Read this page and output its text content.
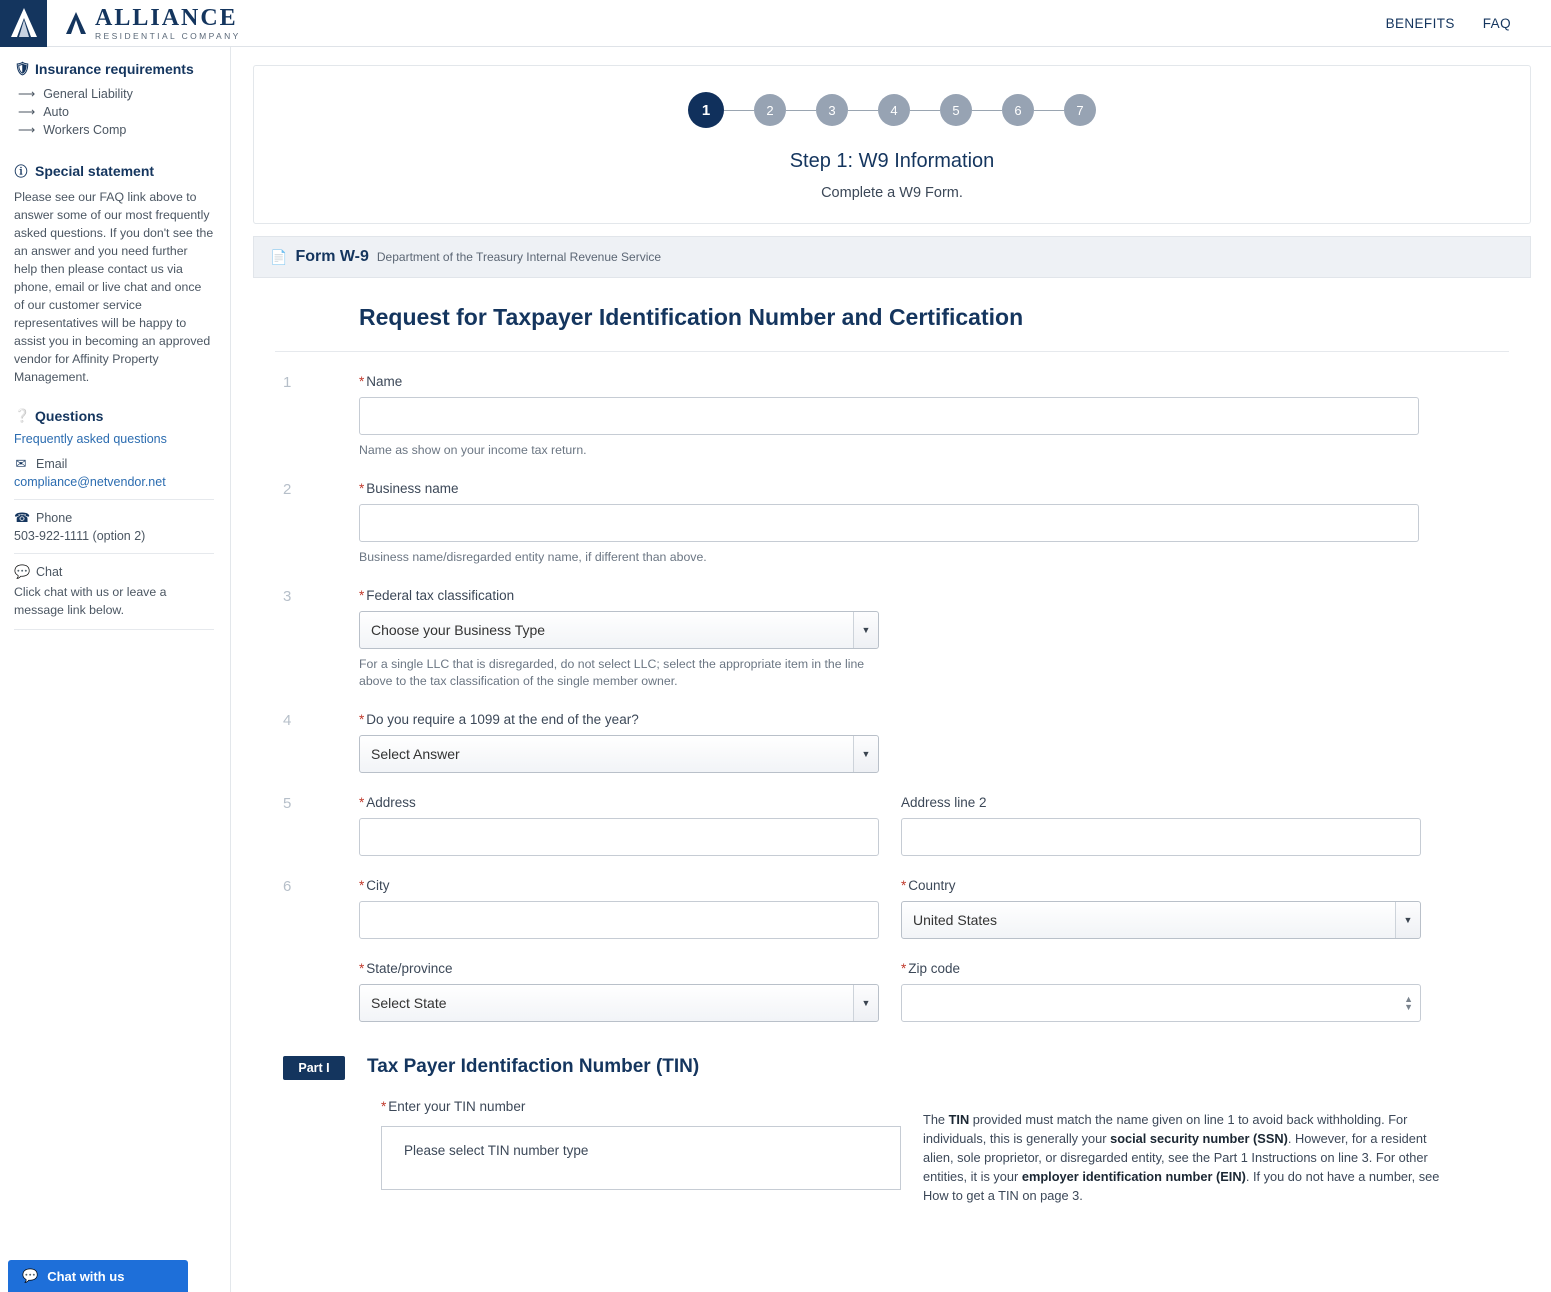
ALLIANCE
RESIDENTIAL COMPANY
BENEFITS FAQ
🛡 Insurance requirements
⟶ General Liability
⟶ Auto
⟶ Workers Comp
ⓘ Special statement

Please see our FAQ link above to answer some of our most frequently asked questions. If you don't see the an answer and you need further help then please contact us via phone, email or live chat and once of our customer service representatives will be happy to assist you in becoming an approved vendor for Affinity Property Management.

❔ Questions
Frequently asked questions
✉ Email
compliance@netvendor.net
☎ Phone
503-922-1111 (option 2)
💬 Chat
Click chat with us or leave a message link below.
💬 Chat with us
1	2	3	4	5	6	7
Step 1: W9 Information
Complete a W9 Form.
📄 Form W-9 Department of the Treasury Internal Revenue Service
Request for Taxpayer Identification Number and Certification
1	* Name
Name as show on your income tax return.
2	* Business name
Business name/disregarded entity name, if different than above.
3	* Federal tax classification
Choose your Business Type
▼
For a single LLC that is disregarded, do not select LLC; select the appropriate item in the line above to the tax classification of the single member owner.
4	* Do you require a 1099 at the end of the year?
Select Answer
▼
5	* Address	Address line 2
6	* City	* Country
United States
▼
* State/province
Select State
▼
* Zip code
▲
▼
Part I	Tax Payer Identifaction Number (TIN)
* Enter your TIN number
Please select TIN number type
The TIN provided must match the name given on line 1 to avoid back withholding. For individuals, this is generally your social security number (SSN). However, for a resident alien, sole proprietor, or disregarded entity, see the Part 1 Instructions on line 3. For other entities, it is your employer identification number (EIN). If you do not have a number, see How to get a TIN on page 3.
